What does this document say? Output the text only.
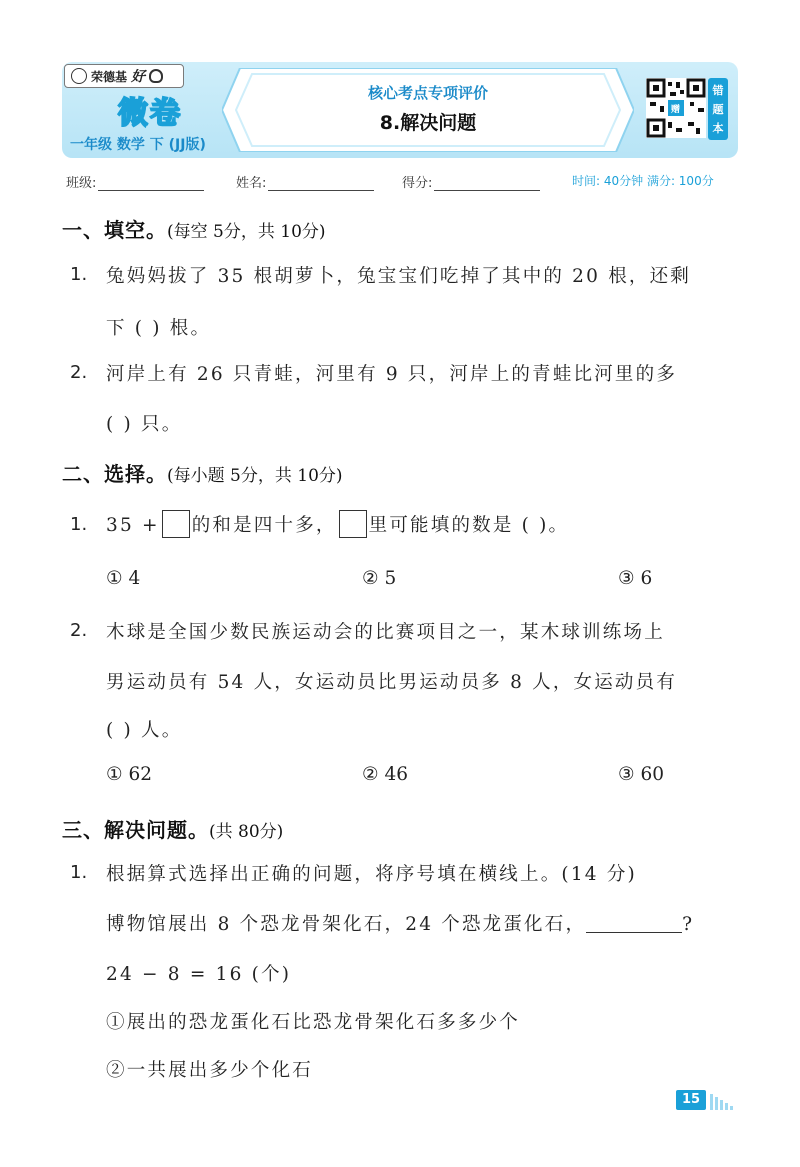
荣德基 好
微卷
一年级 数学 下 (JJ版)
核心考点专项评价
8.解决问题
赠
错
题
本
班级:	姓名:	得分:	时间: 40分钟 满分: 100分
一、填空。(每空 5分，共 10分)
1. 兔妈妈拔了 35 根胡萝卜，兔宝宝们吃掉了其中的 20 根，还剩
下 ( ) 根。
2. 河岸上有 26 只青蛙，河里有 9 只，河岸上的青蛙比河里的多
( ) 只。
二、选择。(每小题 5分，共 10分)
1. 35 + 的和是四十多， 里可能填的数是 ( )。
① 4	② 5	③ 6
2. 木球是全国少数民族运动会的比赛项目之一，某木球训练场上
男运动员有 54 人，女运动员比男运动员多 8 人，女运动员有
( ) 人。
① 62	② 46	③ 60
三、解决问题。(共 80分)
1. 根据算式选择出正确的问题，将序号填在横线上。(14 分)
博物馆展出 8 个恐龙骨架化石，24 个恐龙蛋化石，	?
24 − 8 = 16 (个)
①展出的恐龙蛋化石比恐龙骨架化石多多少个
②一共展出多少个化石
15
